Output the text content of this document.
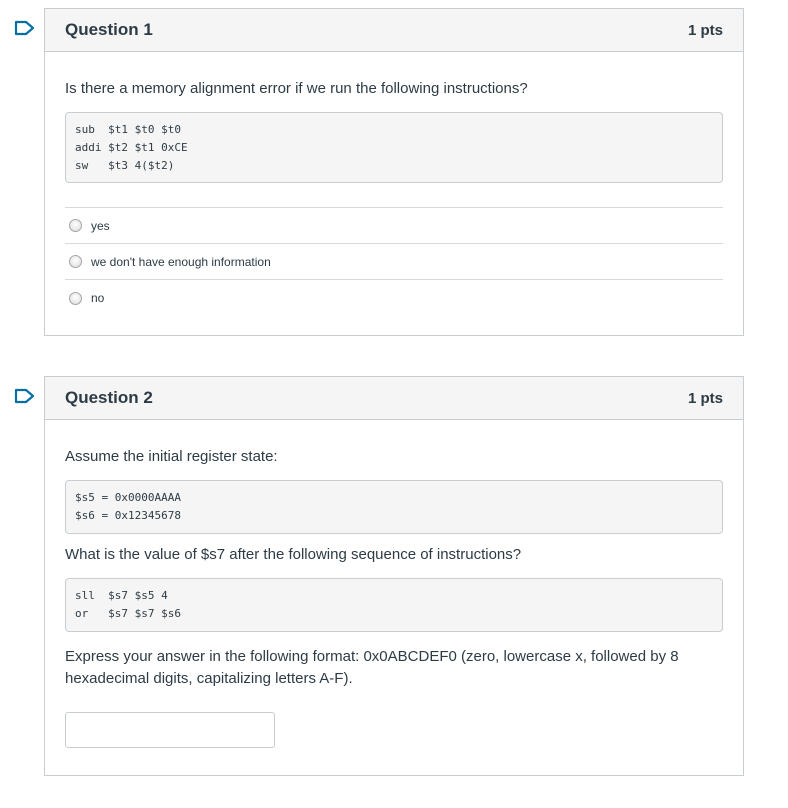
Question 1	1 pts

Is there a memory alignment error if we run the following instructions?

sub  $t1 $t0 $t0
addi $t2 $t1 0xCE
sw   $t3 4($t2)
yes
we don't have enough information
no
Question 2	1 pts

Assume the initial register state:

$s5 = 0x0000AAAA
$s6 = 0x12345678

What is the value of $s7 after the following sequence of instructions?

sll  $s7 $s5 4
or   $s7 $s7 $s6

Express your answer in the following format: 0x0ABCDEF0 (zero, lowercase x, followed by 8 hexadecimal digits, capitalizing letters A-F).
